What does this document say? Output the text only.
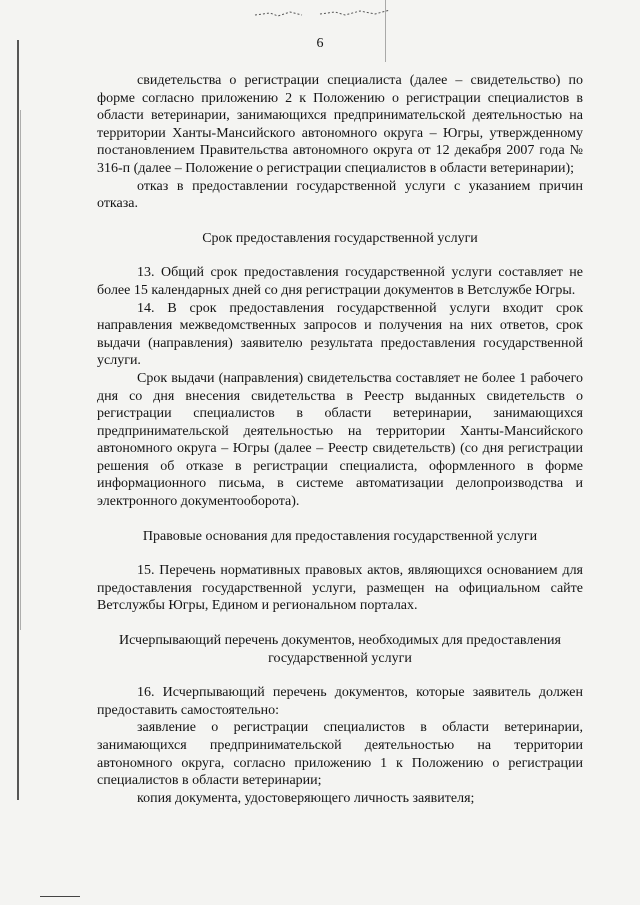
6

свидетельства о регистрации специалиста (далее – свидетельство) по форме согласно приложению 2 к Положению о регистрации специалистов в области ветеринарии, занимающихся предпринимательской деятельностью на территории Ханты-Мансийского автономного округа – Югры, утвержденному постановлением Правительства автономного округа от 12 декабря 2007 года № 316-п (далее – Положение о регистрации специалистов в области ветеринарии);

отказ в предоставлении государственной услуги с указанием причин отказа.

Срок предоставления государственной услуги

13. Общий срок предоставления государственной услуги составляет не более 15 календарных дней со дня регистрации документов в Ветслужбе Югры.

14. В срок предоставления государственной услуги входит срок направления межведомственных запросов и получения на них ответов, срок выдачи (направления) заявителю результата предоставления государственной услуги.

Срок выдачи (направления) свидетельства составляет не более 1 рабочего дня со дня внесения свидетельства в Реестр выданных свидетельств о регистрации специалистов в области ветеринарии, занимающихся предпринимательской деятельностью на территории Ханты-Мансийского автономного округа – Югры (далее – Реестр свидетельств) (со дня регистрации решения об отказе в регистрации специалиста, оформленного в форме информационного письма, в системе автоматизации делопроизводства и электронного документооборота).

Правовые основания для предоставления государственной услуги

15. Перечень нормативных правовых актов, являющихся основанием для предоставления государственной услуги, размещен на официальном сайте Ветслужбы Югры, Едином и региональном порталах.

Исчерпывающий перечень документов, необходимых для предоставления государственной услуги

16. Исчерпывающий перечень документов, которые заявитель должен предоставить самостоятельно:

заявление о регистрации специалистов в области ветеринарии, занимающихся предпринимательской деятельностью на территории автономного округа, согласно приложению 1 к Положению о регистрации специалистов в области ветеринарии;

копия документа, удостоверяющего личность заявителя;
